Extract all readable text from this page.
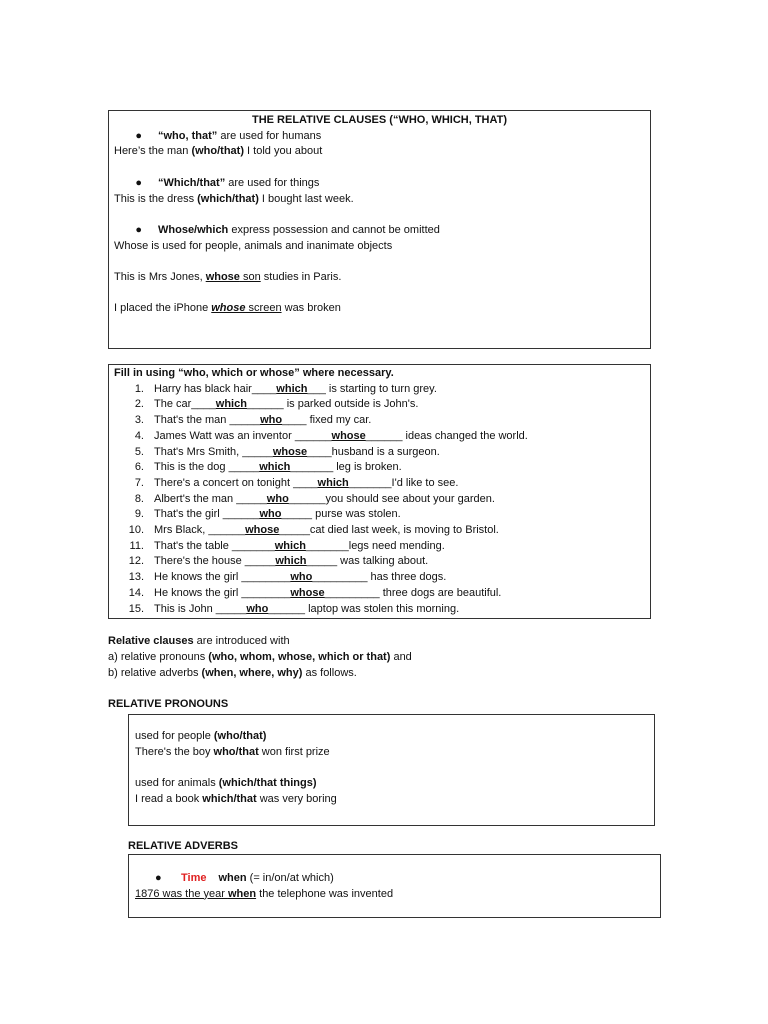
THE RELATIVE CLAUSES (“WHO, WHICH, THAT)
● “who, that” are used for humans
Here’s the man (who/that) I told you about
● “Which/that” are used for things
This is the dress (which/that) I bought last week.
● Whose/which express possession and cannot be omitted
Whose is used for people, animals and inanimate objects
This is Mrs Jones, whose son studies in Paris.
I placed the iPhone whose screen was broken
Fill in using “who, which or whose” where necessary.
1. Harry has black hair____which___ is starting to turn grey.
2. The car____which______ is parked outside is John's.
3. That's the man _____who____ fixed my car.
4. James Watt was an inventor ______whose______ ideas changed the world.
5. That's Mrs Smith, _____whose____husband is a surgeon.
6. This is the dog _____which_______ leg is broken.
7. There's a concert on tonight ____which_______I'd like to see.
8. Albert's the man _____who______you should see about your garden.
9. That's the girl ______who_____ purse was stolen.
10. Mrs Black, ______whose_____cat died last week, is moving to Bristol.
11. That's the table _______which_______legs need mending.
12. There's the house _____which_____ was talking about.
13. He knows the girl ________who_________ has three dogs.
14. He knows the girl ________whose_________ three dogs are beautiful.
15. This is John _____who______ laptop was stolen this morning.
Relative clauses are introduced with
a) relative pronouns (who, whom, whose, which or that) and
b) relative adverbs (when, where, why) as follows.
RELATIVE PRONOUNS
used for people (who/that)
There's the boy who/that won first prize
used for animals (which/that things)
I read a book which/that was very boring
RELATIVE ADVERBS
● Time when (= in/on/at which)
1876 was the year when the telephone was invented
